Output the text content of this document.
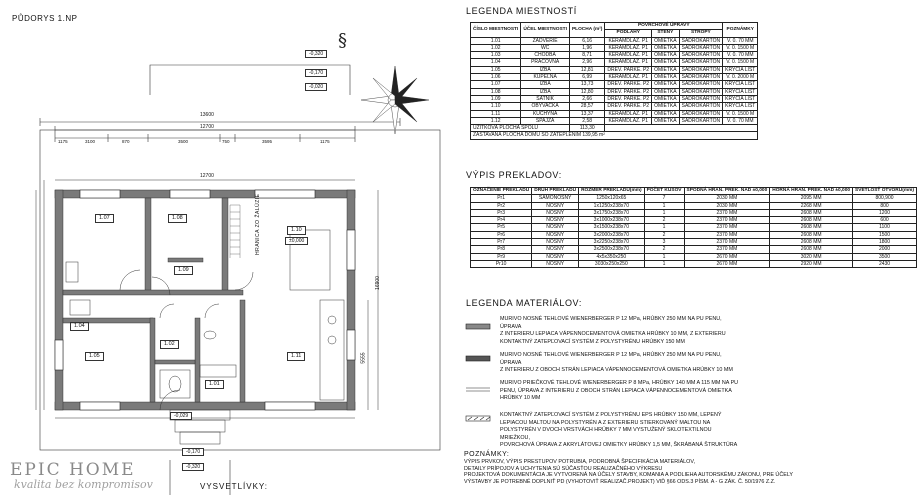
PŮDORYS 1.NP
§
13600
12700
12700
1175	3100	870	3500	750	3595	1175
16900
5555
-0,320
-0,170
-0,020
±0,000
-0,029
-0,170
-0,320
1.07	1.08
1.10
1.09
1.05	1.11
1.02
1.01
1.04
HRANICA ZO ŽALÚZIE
VYSVETLÍVKY:
EPIC HOME
kvalita bez kompromisov
LEGENDA MIESTNOSTÍ
ČÍSLO MIESTNOSTI	ÚČEL MIESTNOSTI	PLOCHA (m²)	POVRCHOVÉ ÚPRAVY			POZNÁMKY
			PODLAHY	STENY	STROPY	
1.01	ZÁDVERIE	6,16	KERAMDLAŽ. P1	OMIETKA	SÁDROKARTÓN	V. 0. 70 MM
1.02	WC	1,96	KERAMDLAŽ. P1	OMIETKA	SÁDROKARTÓN	V. 0. 1500 M
1.03	CHODBA	8,71	KERAMDLAŽ. P1	OMIETKA	SÁDROKARTÓN	V. 0. 70 MM
1.04	PRÁČOVŇA	2,96	KERAMDLAŽ. P1	OMIETKA	SÁDROKARTÓN	V. 0. 1500 M
1.05	IZBA	12,81	DREV. PARKE. P2	OMIETKA	SÁDROKARTÓN	KRYCIA LIŠT
1.06	KÚPEĽŇA	6,99	KERAMDLAŽ. P1	OMIETKA	SÁDROKARTÓN	V. 0. 2000 M
1.07	IZBA	13,73	DREV. PARKE. P2	OMIETKA	SÁDROKARTÓN	KRYCIA LIŠT
1.08	IZBA	12,80	DREV. PARKE. P2	OMIETKA	SÁDROKARTÓN	KRYCIA LIŠT
1.09	ŠATNÍK	2,66	DREV. PARKE. P2	OMIETKA	SÁDROKARTÓN	KRYCIA LIŠT
1.10	OBÝVAČKA	28,57	DREV. PARKE. P2	OMIETKA	SÁDROKARTÓN	KRYCIA LIŠT
1.11	KUCHYŇA	13,37	KERAMDLAŽ. P1	OMIETKA	SÁDROKARTÓN	V. 0. 1500 M
1.12	ŠPAJZA	2,58	KERAMDLAŽ. P1	OMIETKA	SÁDROKARTÓN	V. 0. 70 MM
ÚŽITKOVÁ PLOCHA SPOLU		113,30				
ZASTAVANÁ PLOCHA DOMU SO ZATEPLENÍM 139,95 m²						
VÝPIS PREKLADOV:
OZNAČENIE PREKLADU	DRUH PREKLADU	ROZMER PREKLADU(mm)	POČET KUSOV	SPODNÁ HRAN. PREK. NAD ±0,000	HORNÁ HRAN. PREK. NAD ±0,000	SVETLOSŤ OTVORU(mm)
Pr1	SAMONOSNÝ	1250x120x65	7	2030 MM	2095 MM	800,900
Pr2	NOSNÝ	1x1250x238x70	1	2030 MM	2268 MM	800
Pr3	NOSNÝ	3x1750x238x70	1	2370 MM	2608 MM	1200
Pr4	NOSNÝ	3x1000x238x70	2	2370 MM	2608 MM	600
Pr5	NOSNÝ	3x1500x238x70	1	2370 MM	2608 MM	1100
Pr6	NOSNÝ	3x2000x238x70	2	2370 MM	2608 MM	1500
Pr7	NOSNÝ	3x2250x238x70	3	2370 MM	2608 MM	1800
Pr8	NOSNÝ	3x2500x238x70	2	2370 MM	2608 MM	2000
Pr9	NOSNÝ	4x5x350x250	1	2670 MM	3020 MM	3500
Pr10	NOSNÝ	3030x250x250	1	2670 MM	2920 MM	2430
LEGENDA MATERIÁLOV:
MURIVO NOSNÉ TEHLOVÉ WIENERBERGER P 12 MPa, HRÚBKY 250 MM NA PU PENU, ÚPRAVA
Z INTERIERU LEPIACA VÁPENNOCEMENTOVÁ OMIETKA HRÚBKY 10 MM, Z EXTERIERU
KONTAKTNÝ ZATEPĽOVACÍ SYSTÉM Z POLYSTYRÉNU HRÚBKY 150 MM
MURIVO NOSNÉ TEHLOVÉ WIENERBERGER P 12 MPa, HRÚBKY 250 MM NA PU PENU, ÚPRAVA
Z INTERIERU Z OBOCH STRÁN LEPIACA VÁPENNOCEMENTOVÁ OMIETKA HRÚBKY 10 MM
MURIVO PRIEČKOVÉ TEHLOVÉ WIENERBERGER P 8 MPa, HRÚBKY 140 MM A 115 MM NA PU
PENU, ÚPRAVA Z INTERIERU Z OBOCH STRÁN LEPIACA VÁPENNOCEMENTOVÁ OMIETKA
HRÚBKY 10 MM
KONTAKTNÝ ZATEPĽOVACÍ SYSTÉM Z POLYSTYRÉNU EPS HRÚBKY 150 MM, LEPENÝ
LEPIACOU MALTOU NA POLYSTYRÉN A Z EXTERIERU STIERKOVANÝ MALTOU NA
POLYSTYRÉN V DVOCH VRSTVÁCH HRÚBKY 7 MM VYSTUŽENÝ SKLOTEXTILNOU MRIEŽKOU,
POVRCHOVÁ ÚPRAVA Z AKRYLÁTOVEJ OMIETKY HRÚBKY 1,5 MM, ŠKRÁBANÁ ŠTRUKTÚRA
POZNÁMKY:
VÝPIS PRVKOV, VÝPIS PRESTUPOV POTRUBIA, PODROBNÁ ŠPECIFIKÁCIA MATERIÁLOV,
DETAILY PRÍPOJOV A UCHYTENIA SÚ SÚČASŤOU REALIZAČNÉHO VÝKRESU
PROJEKTOVÁ DOKUMENTÁCIA JE VYTVORENÁ NA ÚČELY STAVBY, KOMANIA A PODLIEHA AUTORSKÉMU ZÁKONU, PRE ÚČELY
VÝSTAVBY JE POTREBNÉ DOPLNIŤ PD (VYHOTOVIŤ REALIZAČ.PROJEKT) VIĎ §66 ODS.3 PÍSM. A - G ZÁK. Č. 50/1976 Z.Z.
